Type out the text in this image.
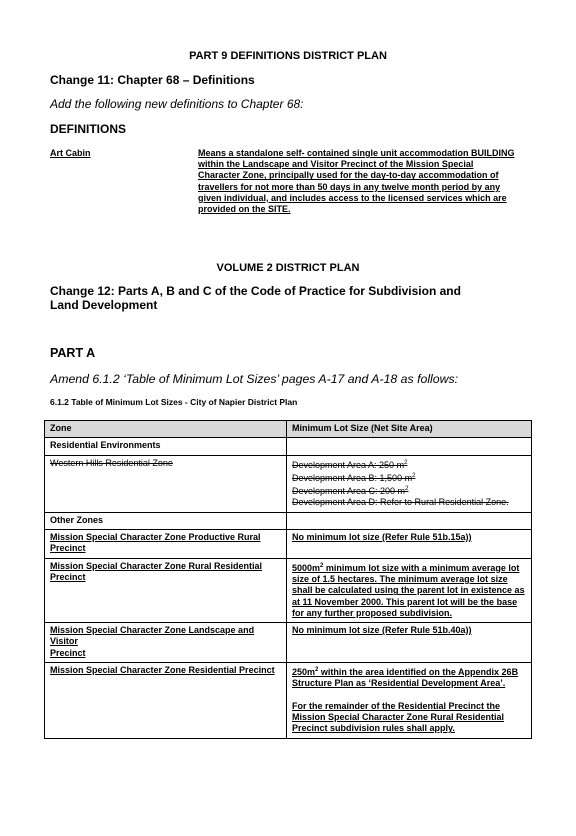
PART 9 DEFINITIONS DISTRICT PLAN
Change 11: Chapter 68 – Definitions
Add the following new definitions to Chapter 68:
DEFINITIONS
Art Cabin	Means a standalone self- contained single unit accommodation BUILDING within the Landscape and Visitor Precinct of the Mission Special Character Zone, principally used for the day-to-day accommodation of travellers for not more than 50 days in any twelve month period by any given individual, and includes access to the licensed services which are provided on the SITE.
VOLUME 2 DISTRICT PLAN
Change 12: Parts A, B and C of the Code of Practice for Subdivision and Land Development
PART A
Amend 6.1.2 ‘Table of Minimum Lot Sizes’ pages A-17 and A-18 as follows:
6.1.2 Table of Minimum Lot Sizes - City of Napier District Plan
Zone	Minimum Lot Size (Net Site Area)
Residential Environments	
Western Hills Residential Zone	Development Area A: 250 $m^2$
Development Area B: 1,500 $m^2$
Development Area C: 200 $m^2$
Development Area D: Refer to Rural Residential Zone.

Other Zones	
Mission Special Character Zone Productive Rural Precinct	No minimum lot size (Refer Rule 51b.15a))
Mission Special Character Zone Rural Residential Precinct	$5000m^2$ minimum lot size with a minimum average lot size of 1.5 hectares. The minimum average lot size shall be calculated using the parent lot in existence as at 11 November 2000. This parent lot will be the base for any further proposed subdivision.

Mission Special Character Zone Landscape and Visitor
Precinct	No minimum lot size (Refer Rule 51b.40a))
Mission Special Character Zone Residential Precinct	$250m^2$ within the area identified on the Appendix 26B Structure Plan as ‘Residential Development Area’.
For the remainder of the Residential Precinct the Mission Special Character Zone Rural Residential Precinct subdivision rules shall apply.
